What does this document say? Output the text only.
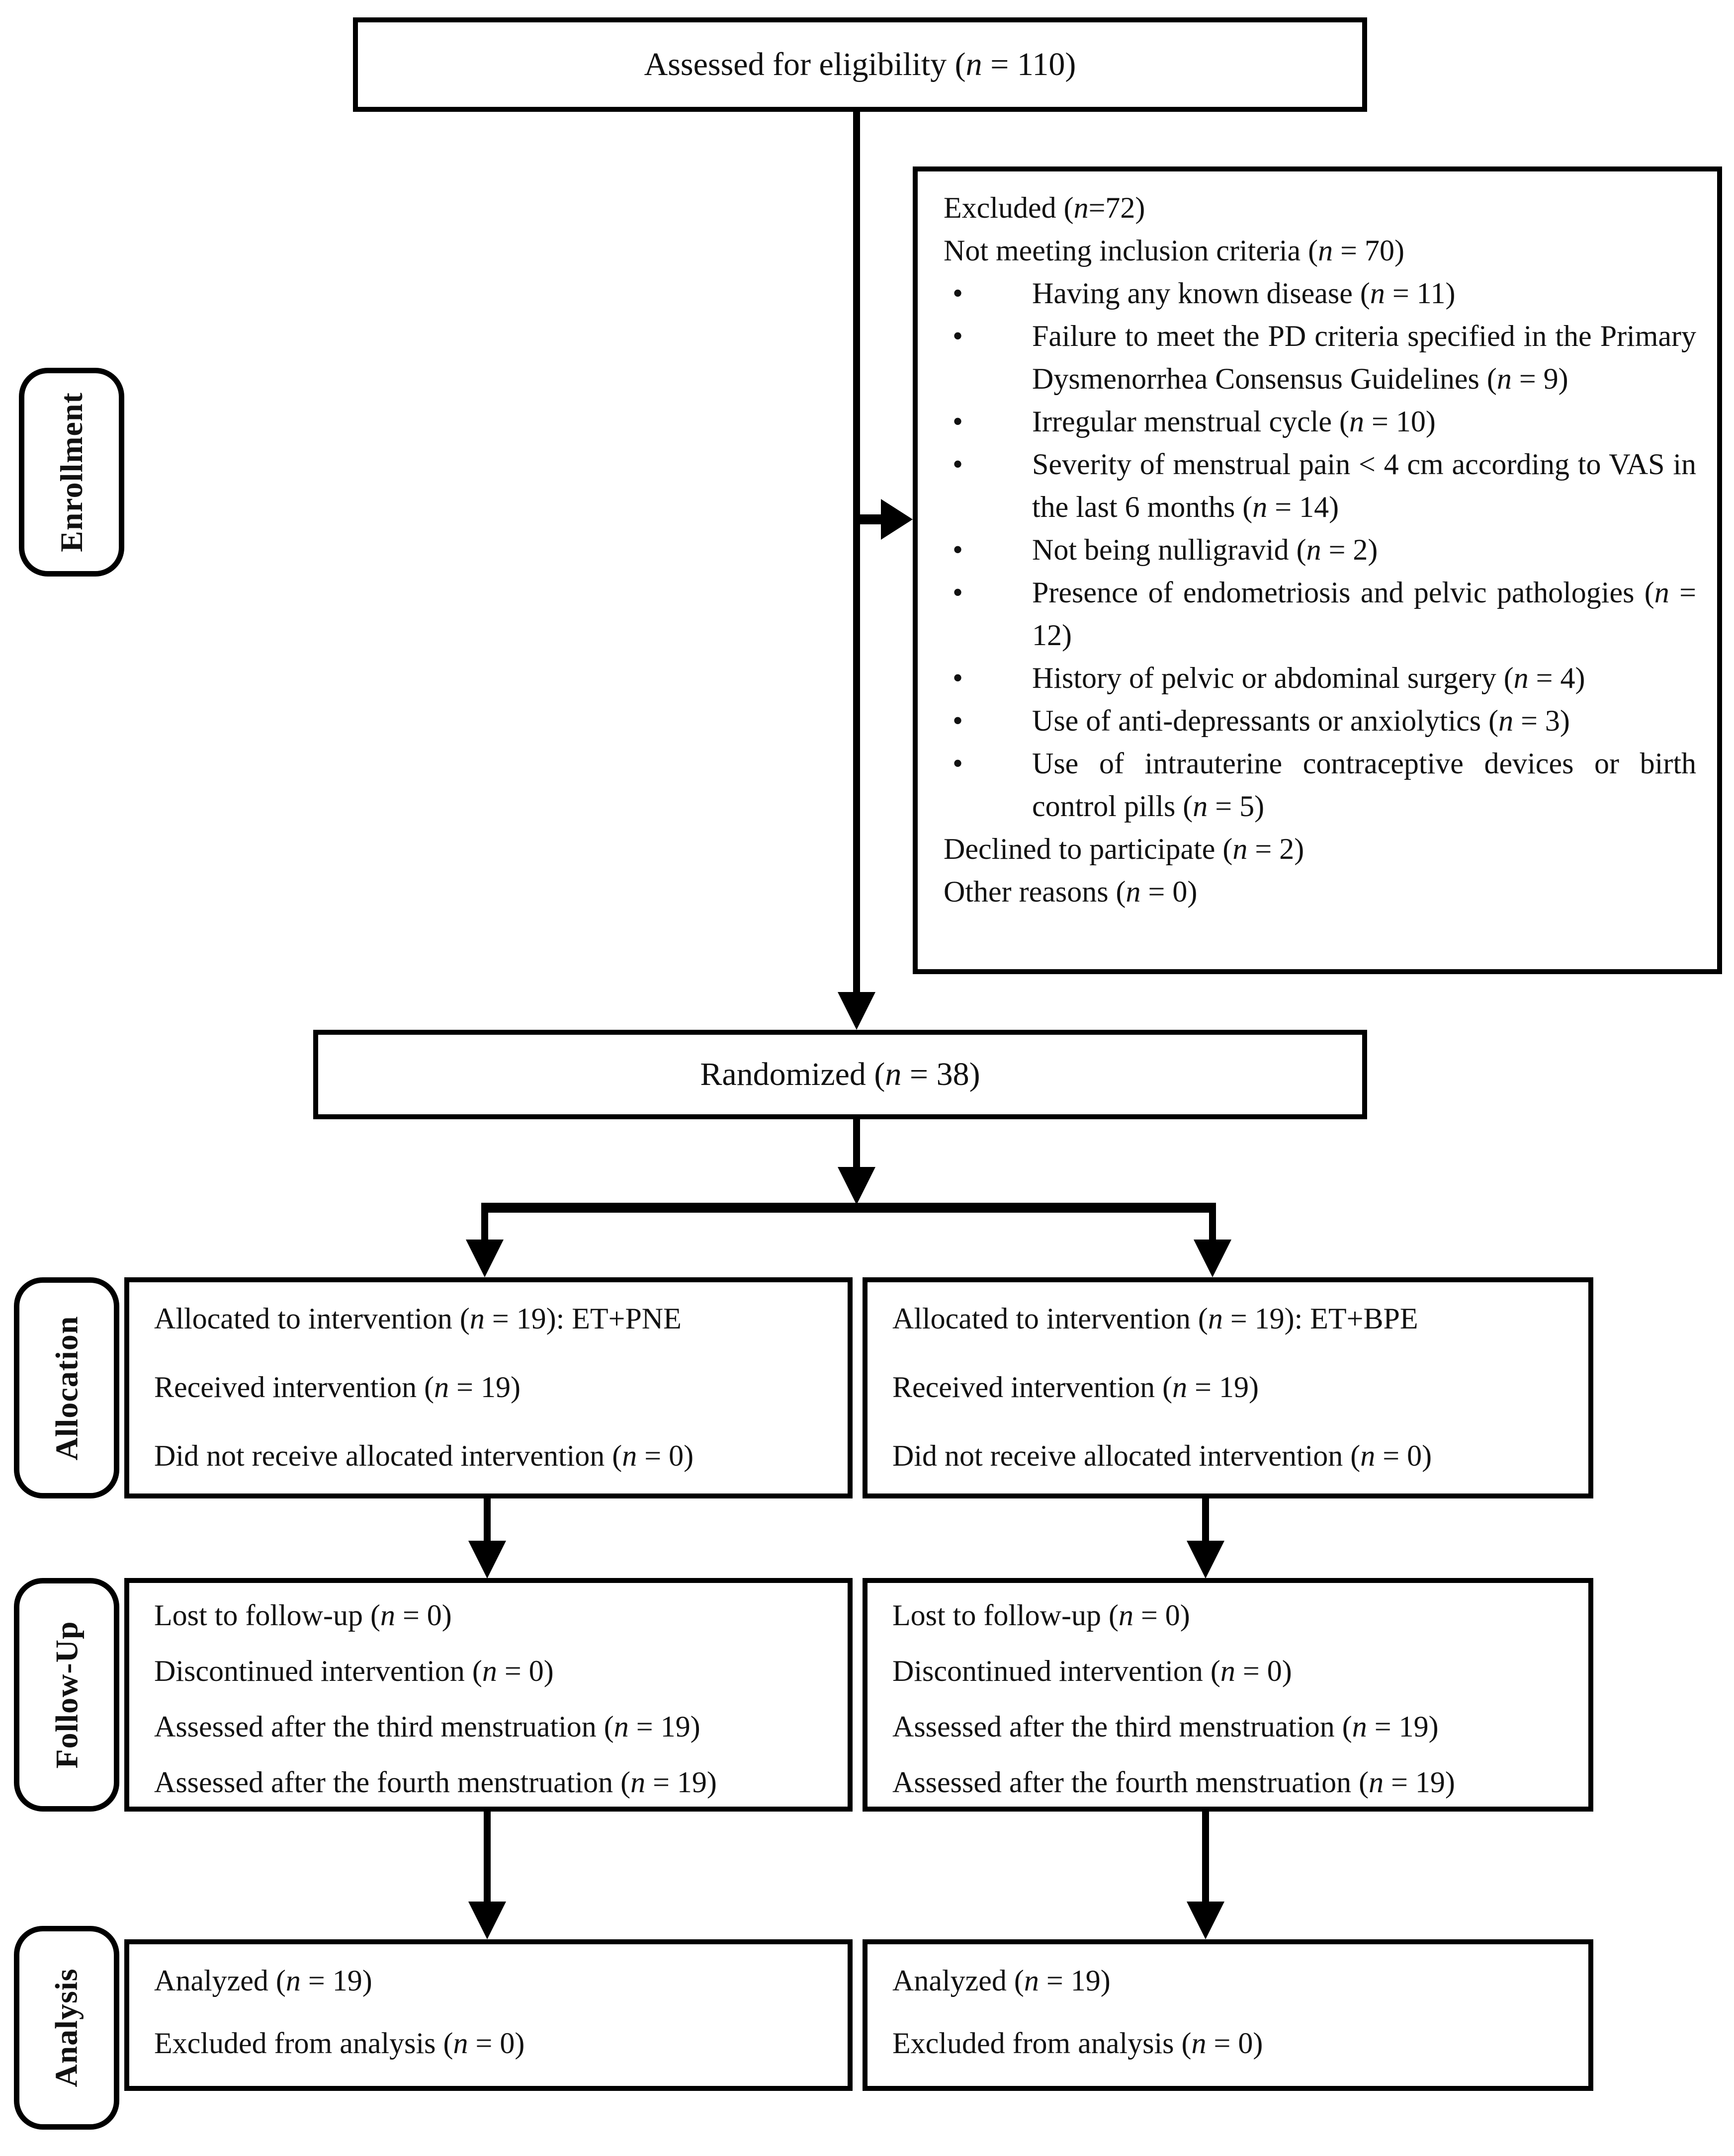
Assessed for eligibility (n = 110)

Enrollment

Excluded (n=72)

Not meeting inclusion criteria (n = 70)

• Having any known disease (n = 11)
• Failure to meet the PD criteria specified in the Primary Dysmenorrhea Consensus Guidelines (n = 9)
• Irregular menstrual cycle (n = 10)
• Severity of menstrual pain < 4 cm according to VAS in the last 6 months (n = 14)
• Not being nulligravid (n = 2)
• Presence of endometriosis and pelvic pathologies (n = 12)
• History of pelvic or abdominal surgery (n = 4)
• Use of anti-depressants or anxiolytics (n = 3)
• Use of intrauterine contraceptive devices or birth control pills (n = 5)

Declined to participate (n = 2)

Other reasons (n = 0)

Randomized (n = 38)

Allocation Allocated to intervention (n = 19): ET+PNE

Received intervention (n = 19)

Did not receive allocated intervention (n = 0)

Allocated to intervention (n = 19): ET+BPE

Received intervention (n = 19)

Did not receive allocated intervention (n = 0)

Follow-Up

Lost to follow-up (n = 0)

Discontinued intervention (n = 0)

Assessed after the third menstruation (n = 19)

Assessed after the fourth menstruation (n = 19)

Lost to follow-up (n = 0)

Discontinued intervention (n = 0)

Assessed after the third menstruation (n = 19)

Assessed after the fourth menstruation (n = 19)

Analysis Analyzed (n = 19)

Excluded from analysis (n = 0)

Analyzed (n = 19)

Excluded from analysis (n = 0)
